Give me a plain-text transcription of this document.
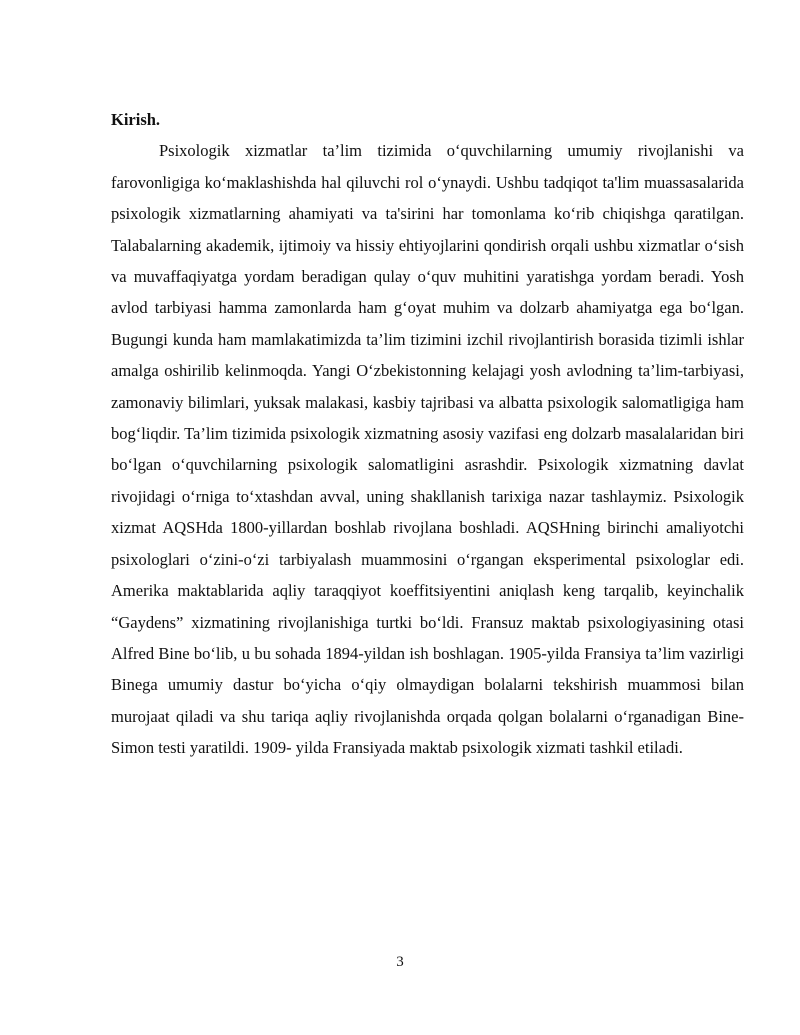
Kirish.

Psixologik xizmatlar ta’lim tizimida o‘quvchilarning umumiy rivojlanishi va farovonligiga ko‘maklashishda hal qiluvchi rol o‘ynaydi. Ushbu tadqiqot ta'lim muassasalarida psixologik xizmatlarning ahamiyati va ta'sirini har tomonlama ko‘rib chiqishga qaratilgan. Talabalarning akademik, ijtimoiy va hissiy ehtiyojlarini qondirish orqali ushbu xizmatlar o‘sish va muvaffaqiyatga yordam beradigan qulay o‘quv muhitini yaratishga yordam beradi. Yosh avlod tarbiyasi hamma zamonlarda ham g‘oyat muhim va dolzarb ahamiyatga ega bo‘lgan. Bugungi kunda ham mamlakatimizda ta’lim tizimini izchil rivojlantirish borasida tizimli ishlar amalga oshirilib kelinmoqda. Yangi O‘zbekistonning kelajagi yosh avlodning ta’lim-tarbiyasi, zamonaviy bilimlari, yuksak malakasi, kasbiy tajribasi va albatta psixologik salomatligiga ham bog‘liqdir. Ta’lim tizimida psixologik xizmatning asosiy vazifasi eng dolzarb masalalaridan biri bo‘lgan o‘quvchilarning psixologik salomatligini asrashdir. Psixologik xizmatning davlat rivojidagi o‘rniga to‘xtashdan avval, uning shakllanish tarixiga nazar tashlaymiz. Psixologik xizmat AQSHda 1800-yillardan boshlab rivojlana boshladi. AQSHning birinchi amaliyotchi psixologlari o‘zini-o‘zi tarbiyalash muammosini o‘rgangan eksperimental psixologlar edi. Amerika maktablarida aqliy taraqqiyot koeffitsiyentini aniqlash keng tarqalib, keyinchalik “Gaydens” xizmatining rivojlanishiga turtki bo‘ldi. Fransuz maktab psixologiyasining otasi Alfred Bine bo‘lib, u bu sohada 1894-yildan ish boshlagan. 1905-yilda Fransiya ta’lim vazirligi Binega umumiy dastur bo‘yicha o‘qiy olmaydigan bolalarni tekshirish muammosi bilan murojaat qiladi va shu tariqa aqliy rivojlanishda orqada qolgan bolalarni o‘rganadigan Bine-Simon testi yaratildi. 1909- yilda Fransiyada maktab psixologik xizmati tashkil etiladi.

3
